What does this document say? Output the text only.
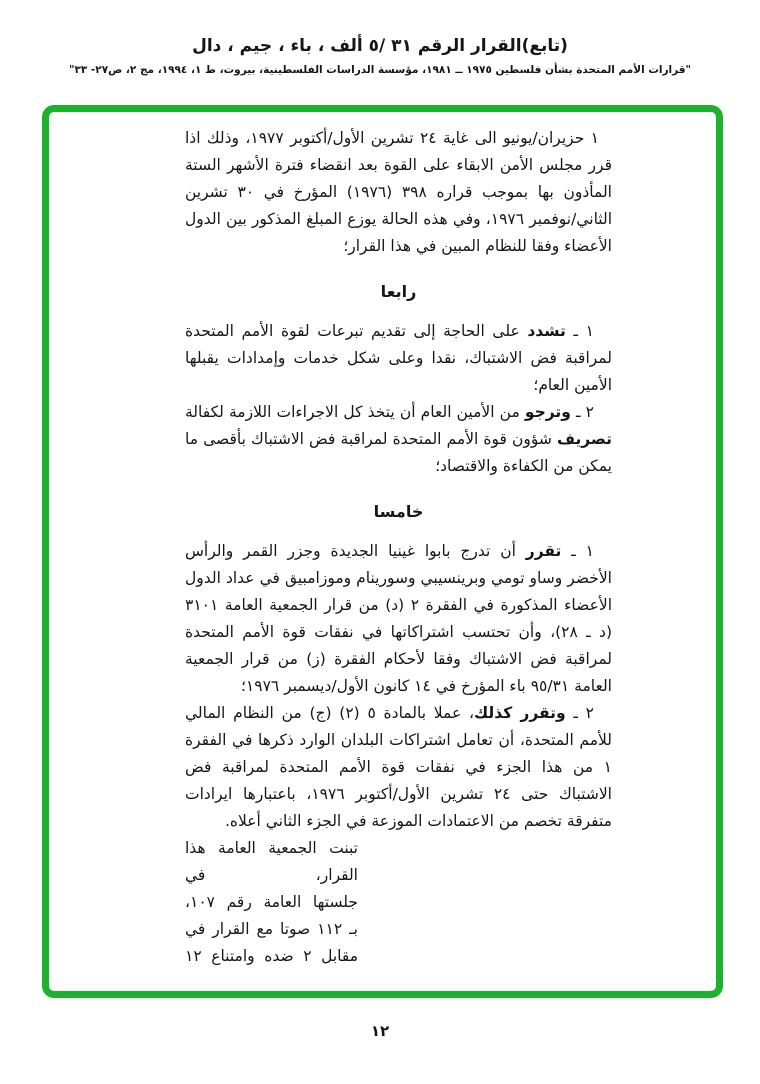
(تابع)القرار الرقم ٣١ /٥ ألف ، باء ، جيم ، دال
"قرارات الأمم المتحدة بشأن فلسطين ١٩٧٥ ــ ١٩٨١، مؤسسة الدراسات الفلسطينية، بيروت، ط ١، ١٩٩٤، مج ٢، ص٢٧- ٣٣"

١ حزيران/يونيو الى غاية ٢٤ تشرين الأول/أكتوبر ١٩٧٧، وذلك اذا قرر مجلس الأمن الابقاء على القوة بعد انقضاء فترة الأشهر الستة المأذون بها بموجب قراره ٣٩٨ (١٩٧٦) المؤرخ في ٣٠ تشرين الثاني/نوفمبر ١٩٧٦، وفي هذه الحالة يوزع المبلغ المذكور بين الدول الأعضاء وفقا للنظام المبين في هذا القرار؛

رابعا

١ ـ تشدد على الحاجة إلى تقديم تبرعات لقوة الأمم المتحدة لمراقبة فض الاشتباك، نقدا وعلى شكل خدمات وإمدادات يقبلها الأمين العام؛

٢ ـ وترجو من الأمين العام أن يتخذ كل الاجراءات اللازمة لكفالة تصريف شؤون قوة الأمم المتحدة لمراقبة فض الاشتباك بأقصى ما يمكن من الكفاءة والاقتصاد؛

خامسا

١ ـ تقرر أن تدرج بابوا غينيا الجديدة وجزر القمر والرأس الأخضر وساو تومي وبرينسيبي وسورينام وموزامبيق في عداد الدول الأعضاء المذكورة في الفقرة ٢ (د) من قرار الجمعية العامة ٣١٠١ (د ـ ٢٨)، وأن تحتسب اشتراكاتها في نفقات قوة الأمم المتحدة لمراقبة فض الاشتباك وفقا لأحكام الفقرة (ز) من قرار الجمعية العامة ٩٥/٣١ باء المؤرخ في ١٤ كانون الأول/ديسمبر ١٩٧٦؛

٢ ـ وتقرر كذلك، عملا بالمادة ٥ (٢) (ج) من النظام المالي للأمم المتحدة، أن تعامل اشتراكات البلدان الوارد ذكرها في الفقرة ١ من هذا الجزء في نفقات قوة الأمم المتحدة لمراقبة فض الاشتباك حتى ٢٤ تشرين الأول/أكتوبر ١٩٧٦، باعتبارها ايرادات متفرقة تخصم من الاعتمادات الموزعة في الجزء الثاني أعلاه.

تبنت الجمعية العامة هذا القرار، في
جلستها العامة رقم ١٠٧،
بـ ١١٢ صوتا مع القرار في
مقابل ٢ ضده وامتناع ١٢
١٢
